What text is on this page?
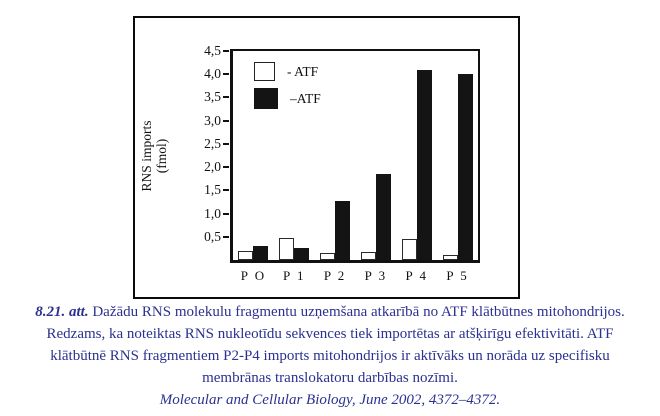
RNS imports (fmol)
0,5
1,0
1,5
2,0
2,5
3,0
3,5
4,0
4,5
P O	P 1	P 2	P 3	P 4	P 5
- ATF
–ATF
8.21. att. Dažādu RNS molekulu fragmentu uzņemšana atkarībā no ATF klātbūtnes mitohondrijos.
Redzams, ka noteiktas RNS nukleotīdu sekvences tiek importētas ar atšķirīgu efektivitāti. ATF
klātbūtnē RNS fragmentiem P2-P4 imports mitohondrijos ir aktīvāks un norāda uz specifisku
membrānas translokatoru darbības nozīmi.
Molecular and Cellular Biology, June 2002, 4372–4372.
